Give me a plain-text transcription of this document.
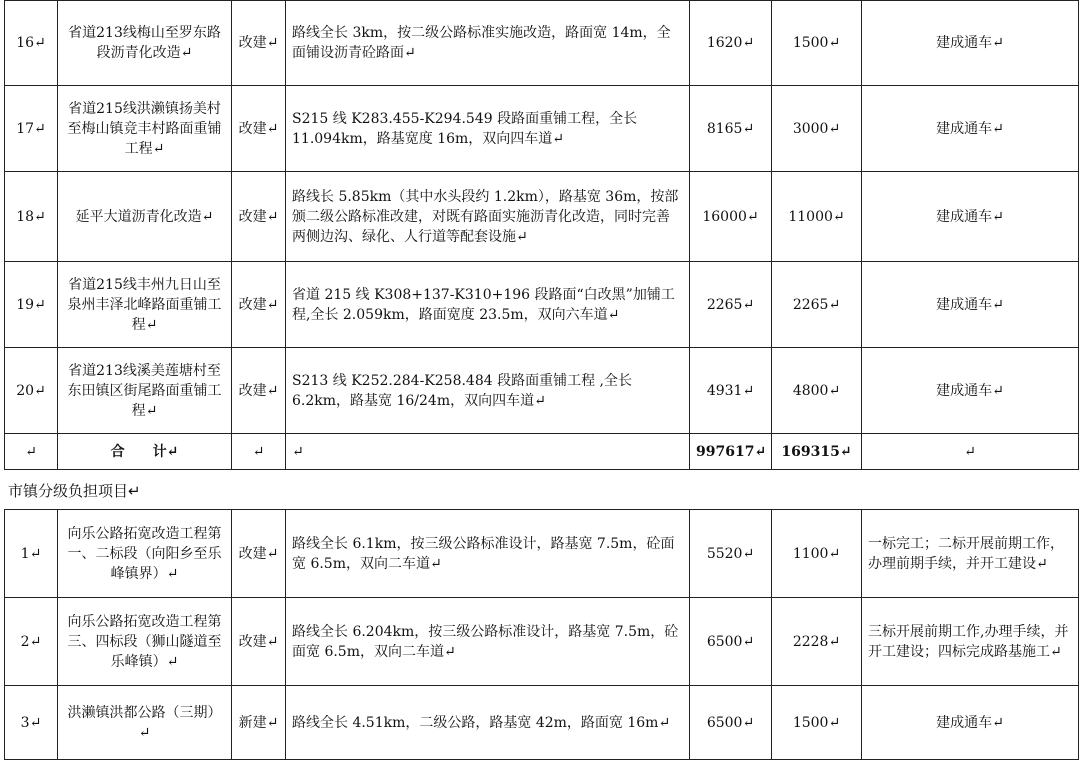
16↵	省道213线梅山至罗东路段沥青化改造↵	改建↵	路线全长 3km，按二级公路标准实施改造，路面宽 14m，全面铺设沥青砼路面↵	1620↵	1500↵	建成通车↵
17↵	省道215线洪濑镇扬美村至梅山镇竞丰村路面重铺工程↵	改建↵	S215 线 K283.455-K294.549 段路面重铺工程，全长 11.094km，路基宽度 16m，双向四车道↵	8165↵	3000↵	建成通车↵
18↵	延平大道沥青化改造↵	改建↵	路线长 5.85km（其中水头段约 1.2km），路基宽 36m，按部颁二级公路标准改建，对既有路面实施沥青化改造，同时完善两侧边沟、绿化、人行道等配套设施↵	16000↵	11000↵	建成通车↵
19↵	省道215线丰州九日山至泉州丰泽北峰路面重铺工程↵	改建↵	省道 215 线 K308+137-K310+196 段路面“白改黑”加铺工程,全长 2.059km，路面宽度 23.5m，双向六车道↵	2265↵	2265↵	建成通车↵
20↵	省道213线溪美莲塘村至东田镇区街尾路面重铺工程↵	改建↵	S213 线 K252.284-K258.484 段路面重铺工程 ,全长 6.2km，路基宽 16/24m，双向四车道↵	4931↵	4800↵	建成通车↵
↵	合　　计↵	↵	↵	997617↵	169315↵	↵
市镇分级负担项目↵
1↵	向乐公路拓宽改造工程第一、二标段（向阳乡至乐峰镇界）↵	改建↵	路线全长 6.1km，按三级公路标准设计，路基宽 7.5m，砼面宽 6.5m，双向二车道↵	5520↵	1100↵	一标完工；二标开展前期工作，办理前期手续，并开工建设↵
2↵	向乐公路拓宽改造工程第三、四标段（狮山隧道至乐峰镇）↵	改建↵	路线全长 6.204km，按三级公路标准设计，路基宽 7.5m，砼面宽 6.5m，双向二车道↵	6500↵	2228↵	三标开展前期工作,办理手续，并开工建设；四标完成路基施工↵
3↵	洪濑镇洪都公路（三期）↵	新建↵	路线全长 4.51km，二级公路，路基宽 42m，路面宽 16m↵	6500↵	1500↵	建成通车↵
